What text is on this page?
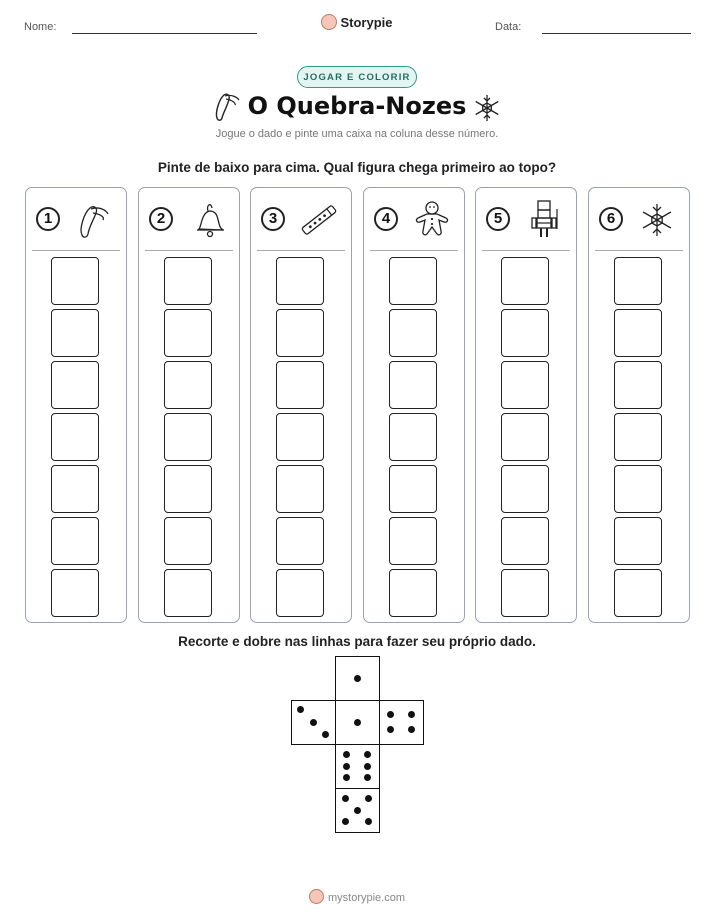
Nome:	Storypie	Data:
JOGAR E COLORIR
O Quebra-Nozes
Jogue o dado e pinte uma caixa na coluna desse número.
Pinte de baixo para cima. Qual figura chega primeiro ao topo?
1	2	3	4	5	6
Recorte e dobre nas linhas para fazer seu próprio dado.
mystorypie.com
